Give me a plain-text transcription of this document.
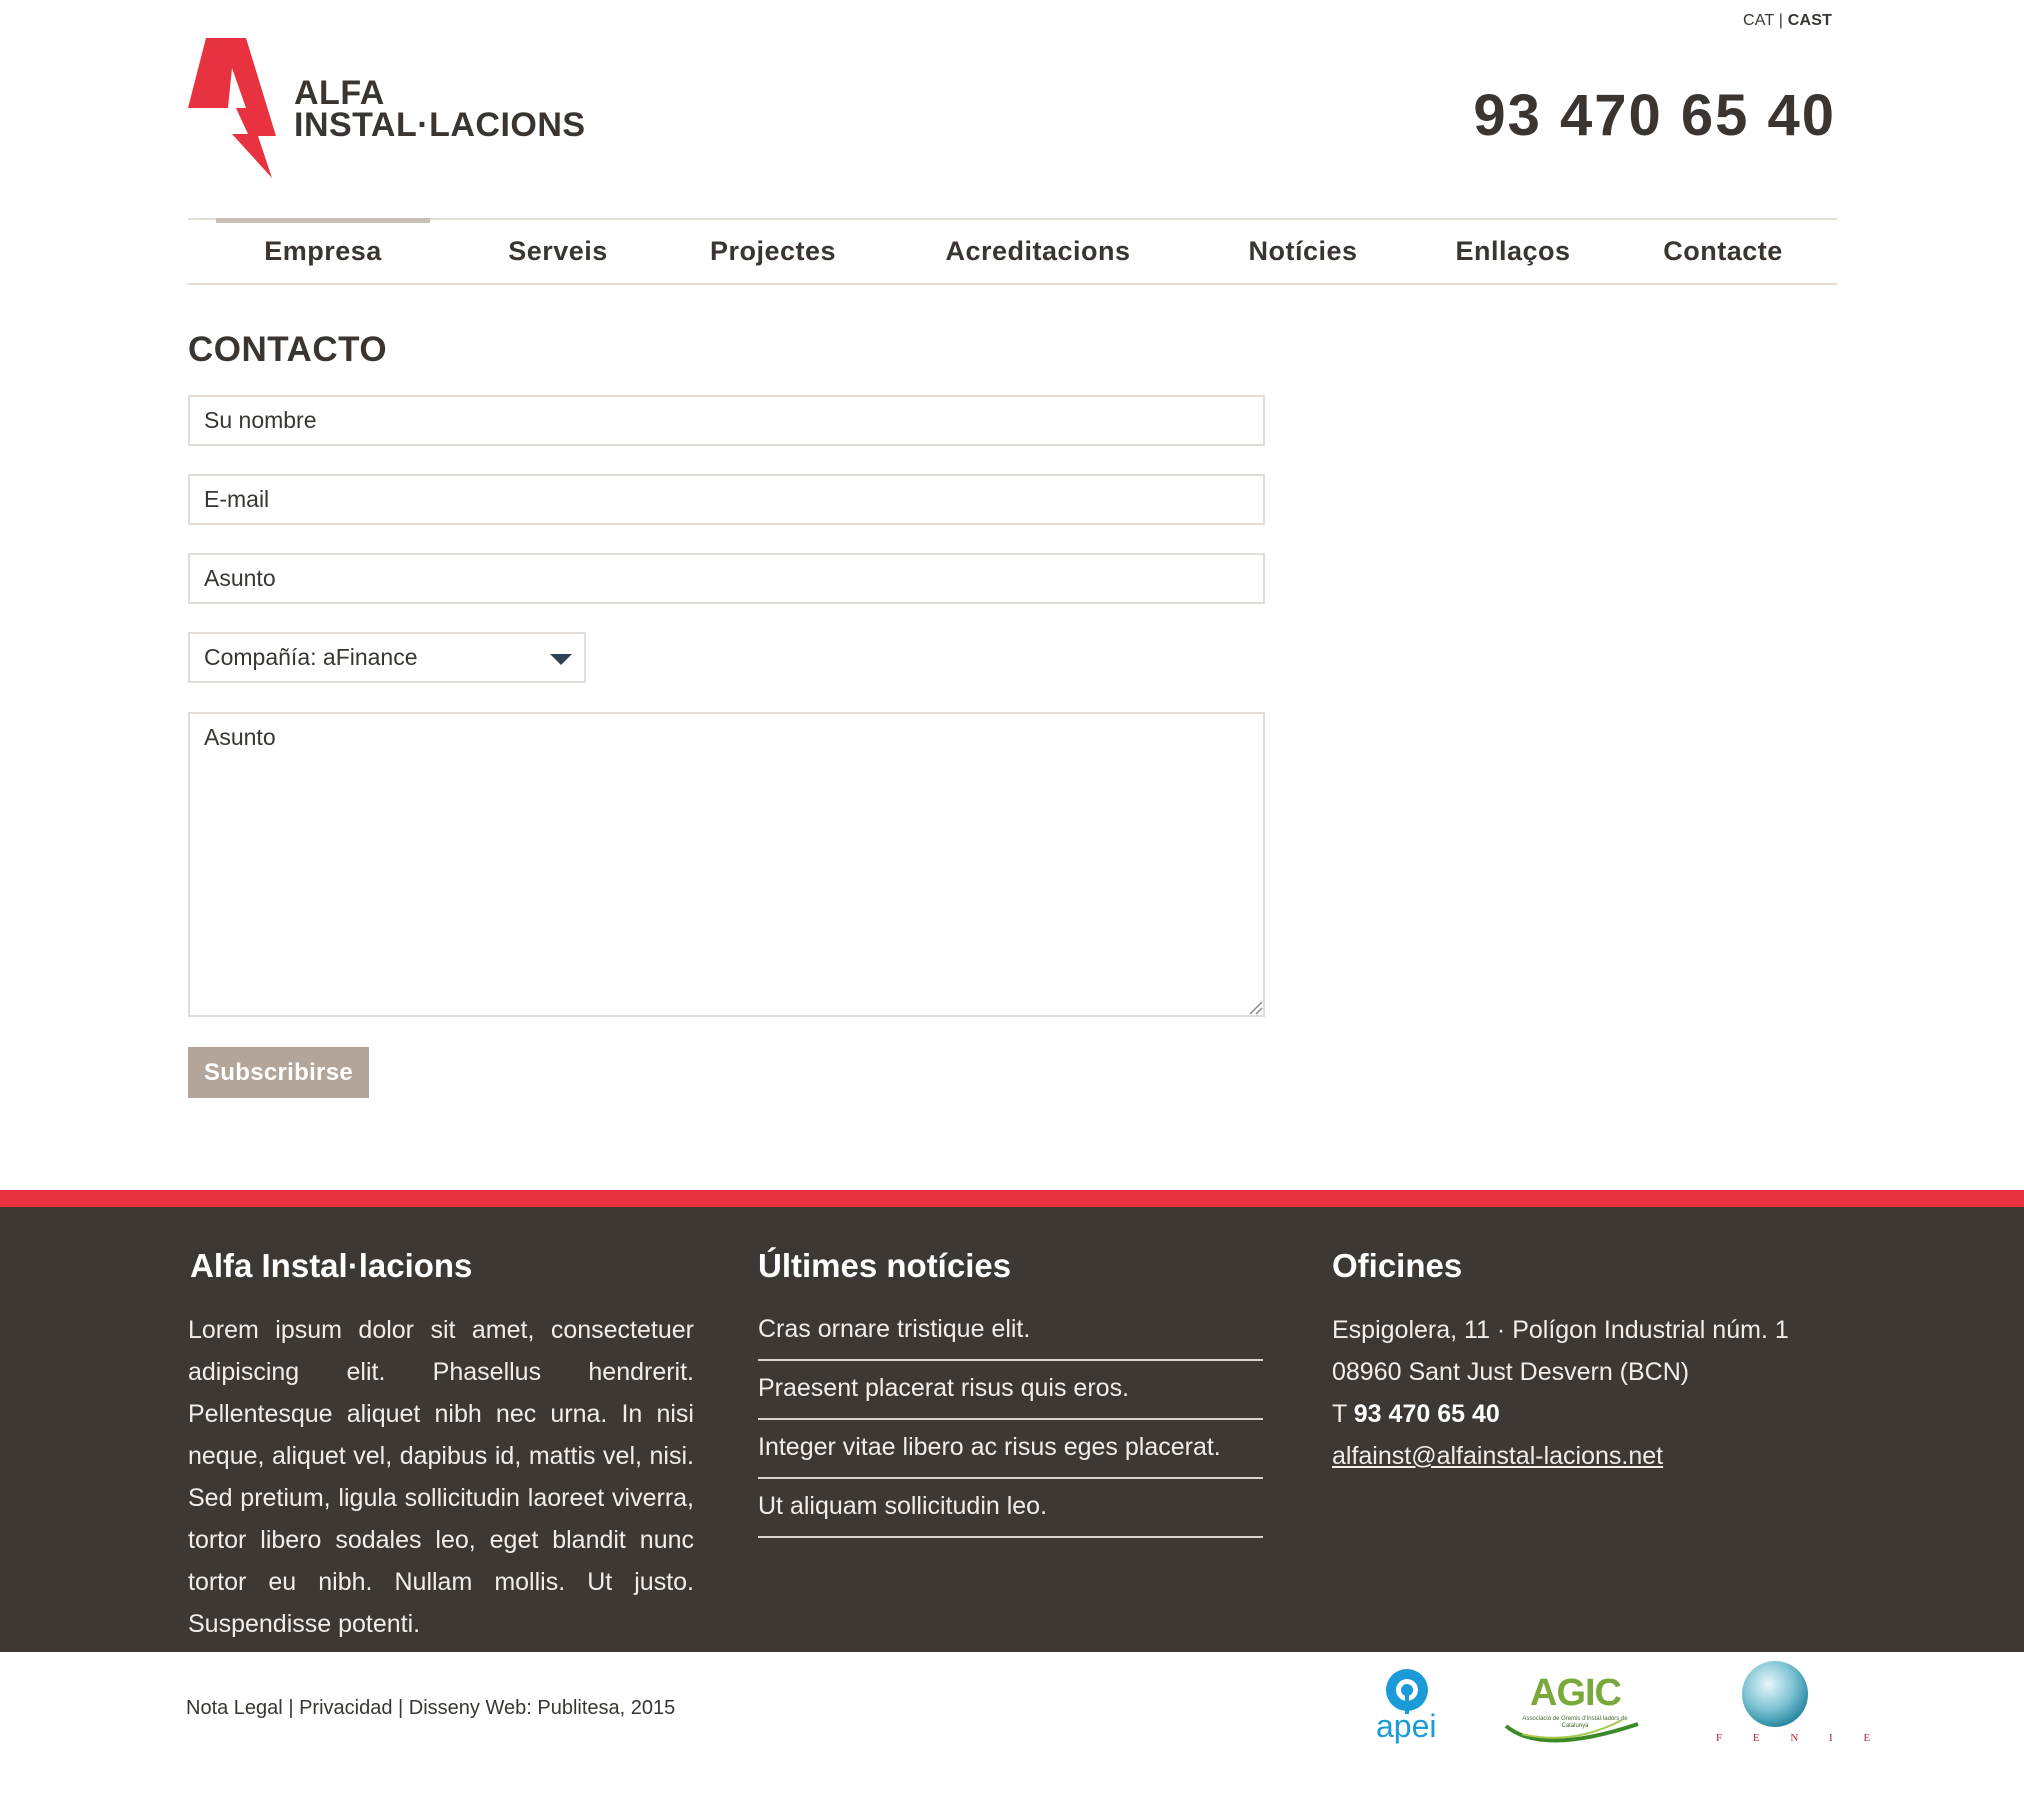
CAT | CAST
ALFA
INSTAL·LACIONS	93 470 65 40
Empresa	Serveis	Projectes	Acreditacions	Notícies	Enllaços	Contacte
CONTACTO
Su nombre
E-mail
Asunto
Compañía: aFinance
Asunto
Subscribirse
Alfa Instal·lacions

Lorem ipsum dolor sit amet, consectetuer adipiscing elit. Phasellus hendrerit. Pellentesque aliquet nibh nec urna. In nisi neque, aliquet vel, dapibus id, mattis vel, nisi. Sed pretium, ligula sollicitudin laoreet viverra, tortor libero sodales leo, eget blandit nunc tortor eu nibh. Nullam mollis. Ut justo. Suspendisse potenti.

Últimes notícies
Cras ornare tristique elit.
Praesent placerat risus quis eros.
Integer vitae libero ac risus eges placerat.
Ut aliquam sollicitudin leo.
Oficines
Espigolera, 11 · Polígon Industrial núm. 1
08960 Sant Just Desvern (BCN)
T 93 470 65 40
alfainst@alfainstal-lacions.net
Nota Legal | Privacidad | Disseny Web: Publitesa, 2015	apei
AGIC
Associació de Gremis d'Instal·ladors de Catalunya
F E N I E
